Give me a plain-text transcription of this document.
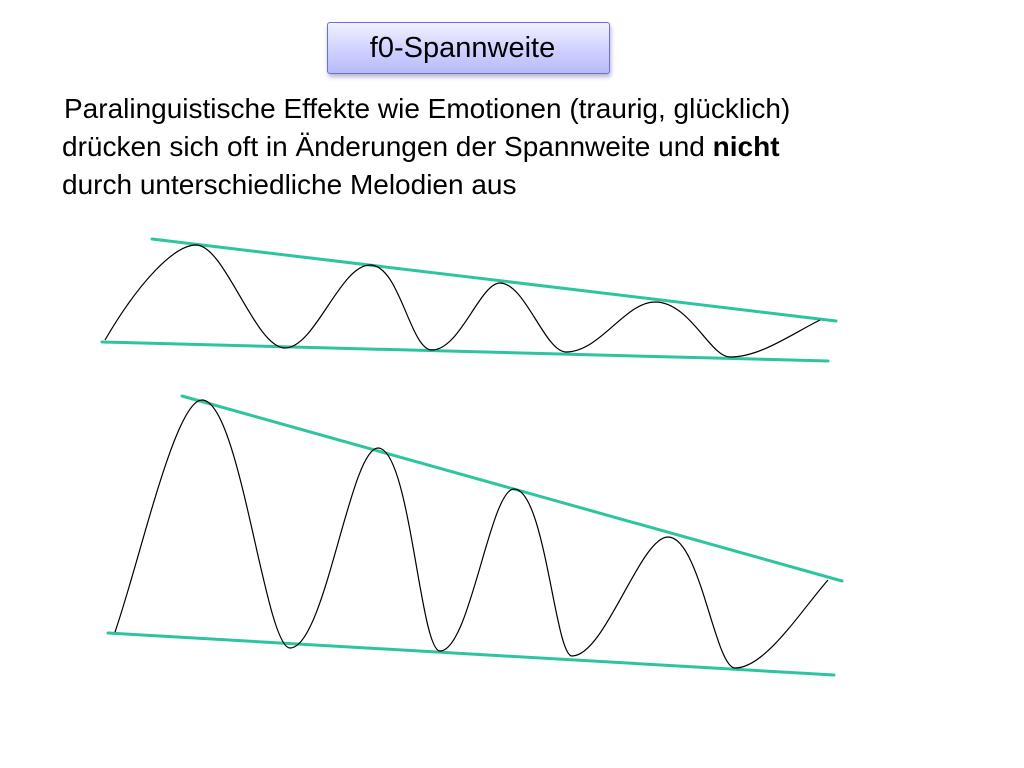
f0-Spannweite
Paralinguistische Effekte wie Emotionen (traurig, glücklich)
drücken sich oft in Änderungen der Spannweite und nicht
durch unterschiedliche Melodien aus
